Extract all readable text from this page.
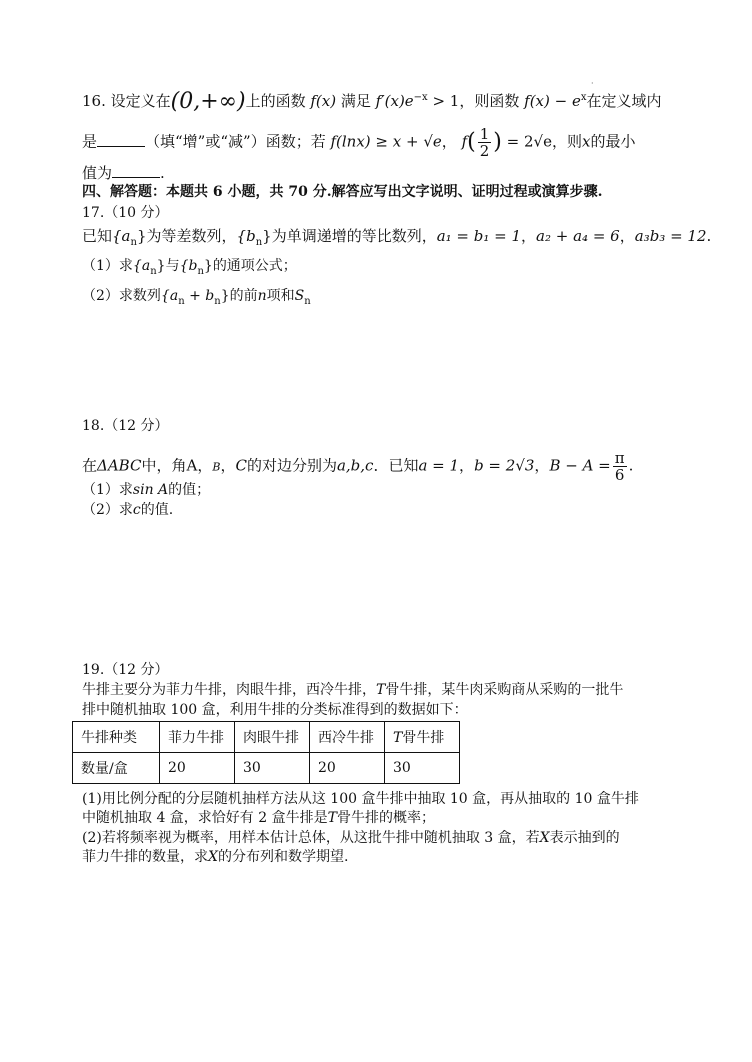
·
16. 设定义在(0,+∞)上的函数 f(x) 满足 $f'(x)e^{-x} > 1$，则函数 $f(x) - e^x$在定义域内
是	（填“增”或“减”）函数；若 f(lnx) ≥ x + √e， $f( \frac{1}{2}$ ) = 2√e，则x的最小
值为	.
四、解答题：本题共 6 小题，共 70 分.解答应写出文字说明、证明过程或演算步骤.
17.（10 分）
已知$\{a_n\}$为等差数列，$\{b_n\}$为单调递增的等比数列，a₁ = b₁ = 1，a₂ + a₄ = 6，a₃b₃ = 12.
（1）求$\{a_n\}$与$\{b_n\}$的通项公式；
（2）求数列$\{a_n + b_n\}$的前n项和$S_n$
18.（12 分）
在ΔABC中，角A，B，C的对边分别为a,b,c．已知a = 1，b = 2√3，$B - A = \frac{\pi}{6}$ .
（1）求sin A的值；
（2）求c的值.
19.（12 分）
牛排主要分为菲力牛排，肉眼牛排，西冷牛排，T骨牛排，某牛肉采购商从采购的一批牛
排中随机抽取 100 盒，利用牛排的分类标准得到的数据如下：
牛排种类	菲力牛排	肉眼牛排	西冷牛排	T骨牛排
数量/盒	20	30	20	30
(1)用比例分配的分层随机抽样方法从这 100 盒牛排中抽取 10 盒，再从抽取的 10 盒牛排
中随机抽取 4 盒，求恰好有 2 盒牛排是T骨牛排的概率；
(2)若将频率视为概率，用样本估计总体，从这批牛排中随机抽取 3 盒，若X表示抽到的
菲力牛排的数量，求X的分布列和数学期望.
